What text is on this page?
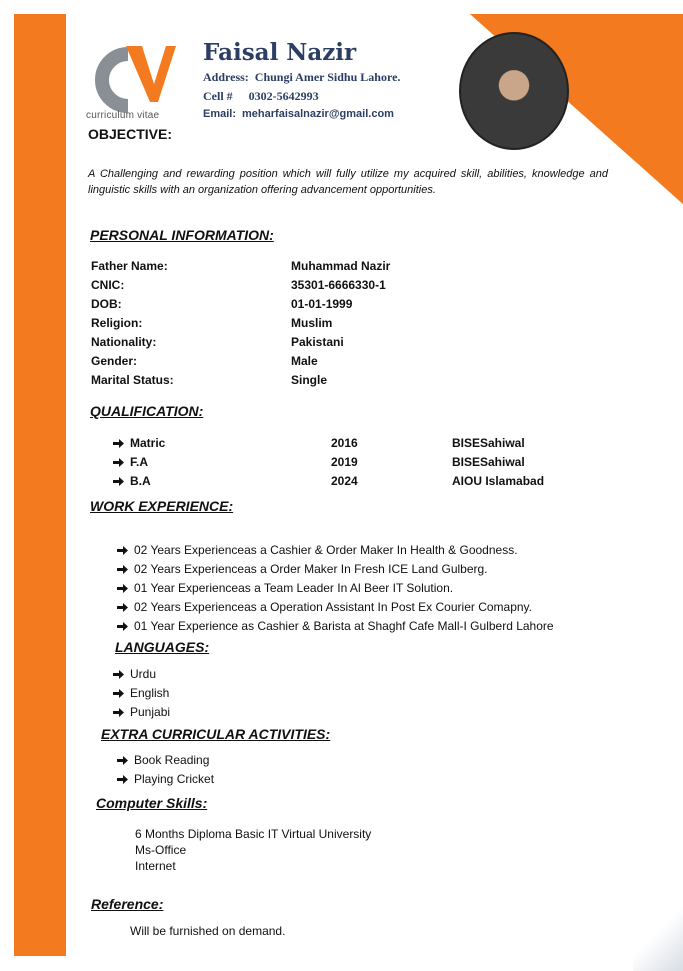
curriculum vitae
Faisal Nazir
Address: Chungi Amer Sidhu Lahore.
Cell # 0302-5642993
Email: meharfaisalnazir@gmail.com
OBJECTIVE:
A Challenging and rewarding position which will fully utilize my acquired skill, abilities, knowledge and linguistic skills with an organization offering advancement opportunities.
PERSONAL INFORMATION:
Father Name:	Muhammad Nazir
CNIC:	35301-6666330-1
DOB:	01-01-1999
Religion:	Muslim
Nationality:	Pakistani
Gender:	Male
Marital Status:	Single
QUALIFICATION:
Matric	2016	BISESahiwal
F.A	2019	BISESahiwal
B.A	2024	AIOU Islamabad
WORK EXPERIENCE:
02 Years Experienceas a Cashier & Order Maker In Health & Goodness.
02 Years Experienceas a Order Maker In Fresh ICE Land Gulberg.
01 Year Experienceas a Team Leader In Al Beer IT Solution.
02 Years Experienceas a Operation Assistant In Post Ex Courier Comapny.
01 Year Experience as Cashier & Barista at Shaghf Cafe Mall-I Gulberd Lahore
LANGUAGES:
Urdu
English
Punjabi
EXTRA CURRICULAR ACTIVITIES:
Book Reading
Playing Cricket
Computer Skills:
6 Months Diploma Basic IT Virtual University
Ms-Office
Internet
Reference:
Will be furnished on demand.
